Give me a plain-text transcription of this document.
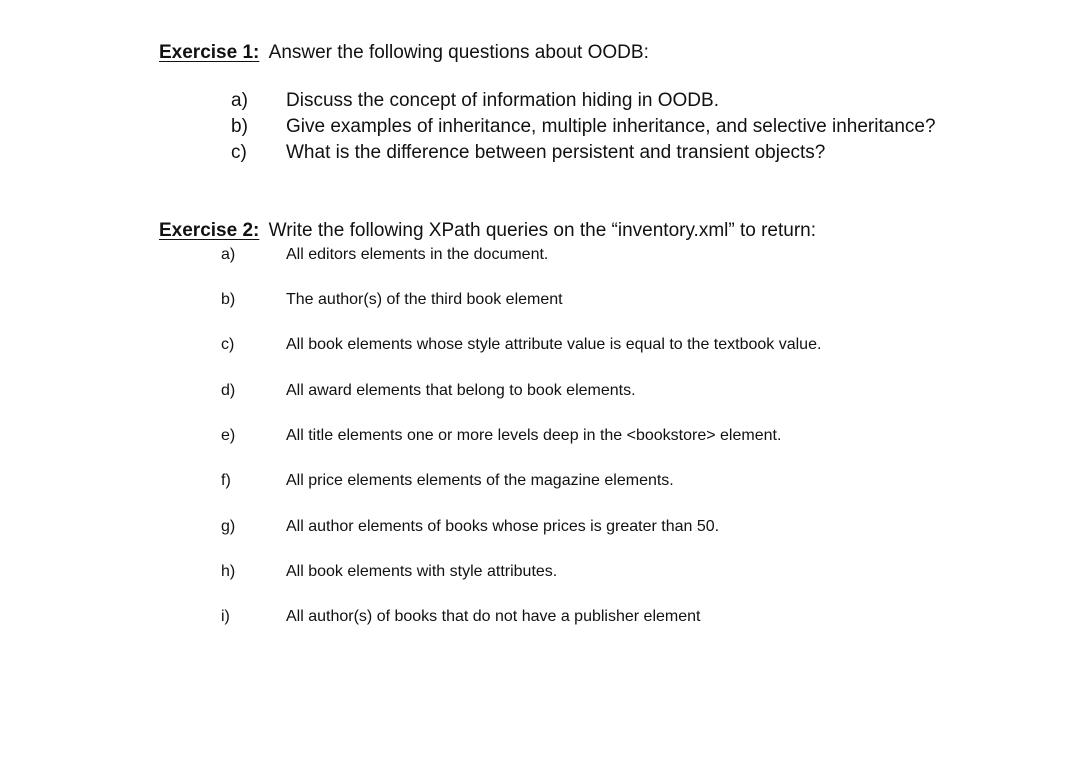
Exercise 1: Answer the following questions about OODB:
a)	Discuss the concept of information hiding in OODB.
b)	Give examples of inheritance, multiple inheritance, and selective inheritance?
c)	What is the difference between persistent and transient objects?
Exercise 2: Write the following XPath queries on the “inventory.xml” to return:
a)	All editors elements in the document.
b)	The author(s) of the third book element
c)	All book elements whose style attribute value is equal to the textbook value.
d)	All award elements that belong to book elements.
e)	All title elements one or more levels deep in the <bookstore> element.
f)	All price elements elements of the magazine elements.
g)	All author elements of books whose prices is greater than 50.
h)	All book elements with style attributes.
i)	All author(s) of books that do not have a publisher element
